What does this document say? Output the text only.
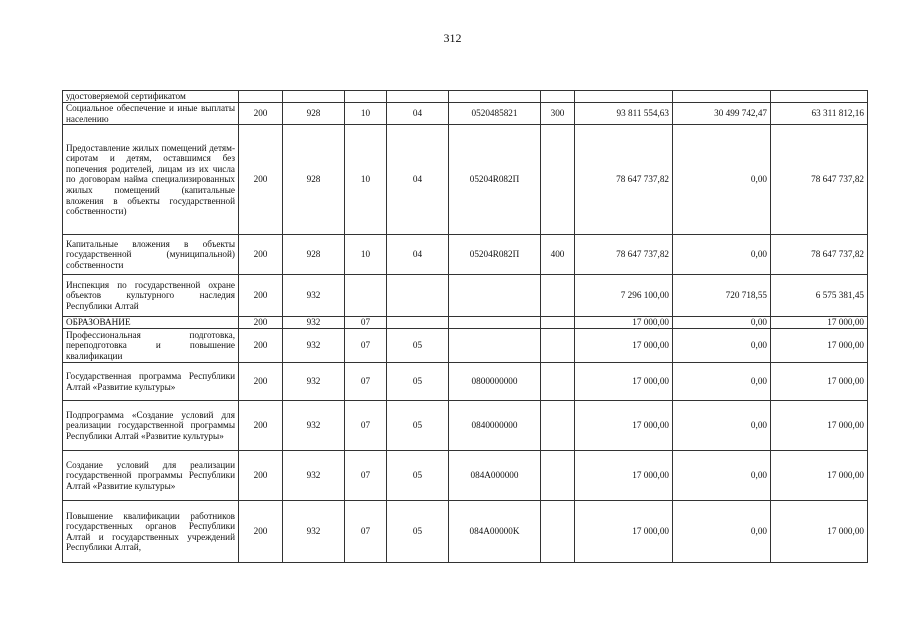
312
удостоверяемой сертификатом									
Социальное обеспечение и иные выплаты населению	200	928	10	04	0520485821	300	93 811 554,63	30 499 742,47	63 311 812,16
Предоставление жилых помещений детям-сиротам и детям, оставшимся без попечения родителей, лицам из их числа по договорам найма специализированных жилых помещений (капитальные вложения в объекты государственной собственности)	200	928	10	04	05204R082П		78 647 737,82	0,00	78 647 737,82
Капитальные вложения в объекты государственной (муниципальной) собственности	200	928	10	04	05204R082П	400	78 647 737,82	0,00	78 647 737,82
Инспекция по государственной охране объектов культурного наследия Республики Алтай	200	932					7 296 100,00	720 718,55	6 575 381,45
ОБРАЗОВАНИЕ	200	932	07				17 000,00	0,00	17 000,00
Профессиональная подготовка, переподготовка и повышение квалификации	200	932	07	05			17 000,00	0,00	17 000,00
Государственная программа Республики Алтай «Развитие культуры»	200	932	07	05	0800000000		17 000,00	0,00	17 000,00
Подпрограмма «Создание условий для реализации государственной программы Республики Алтай «Развитие культуры»	200	932	07	05	0840000000		17 000,00	0,00	17 000,00
Создание условий для реализации государственной программы Республики Алтай «Развитие культуры»	200	932	07	05	084A000000		17 000,00	0,00	17 000,00
Повышение квалификации работников государственных органов Республики Алтай и государственных учреждений Республики Алтай,	200	932	07	05	084A00000K		17 000,00	0,00	17 000,00
